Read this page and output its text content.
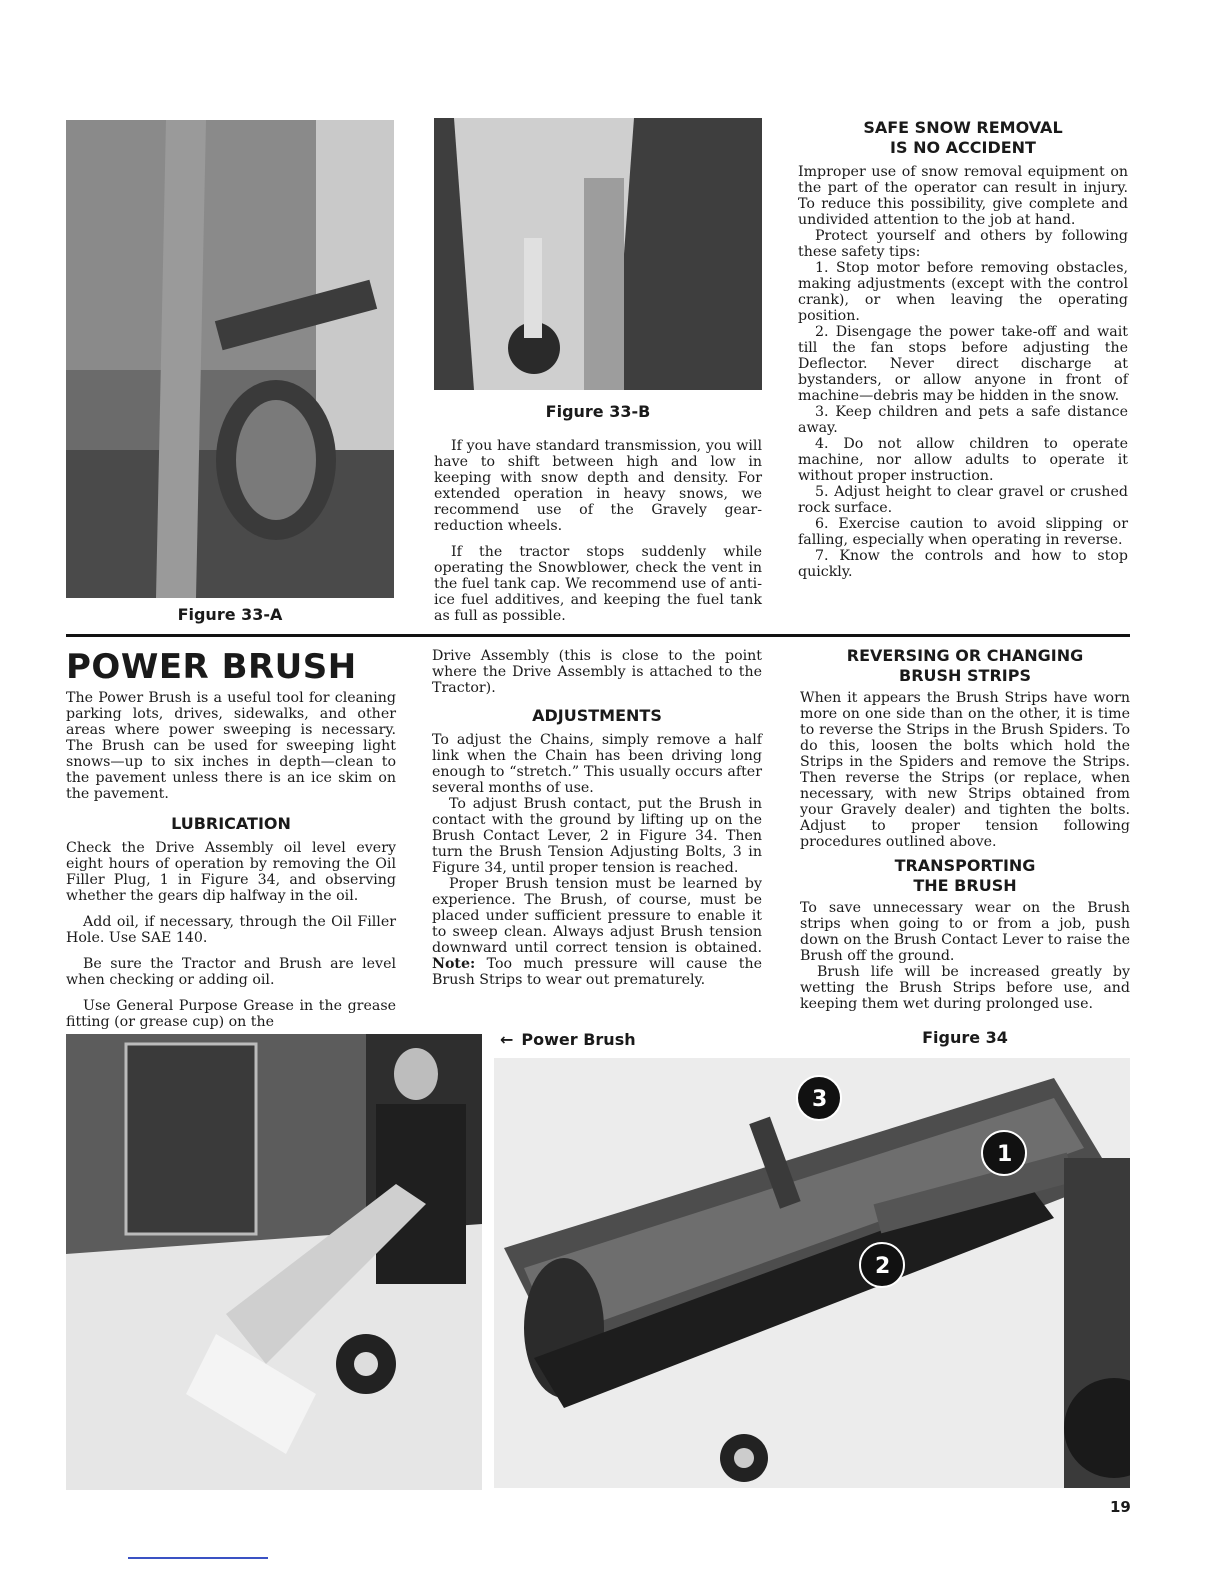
Figure 33-A
Figure 33-B

If you have standard transmission, you will have to shift between high and low in keeping with snow depth and density. For extended operation in heavy snows, we recommend use of the Gravely gear-reduction wheels.

If the tractor stops suddenly while operating the Snowblower, check the vent in the fuel tank cap. We recommend use of anti-ice fuel additives, and keeping the fuel tank as full as possible.

SAFE SNOW REMOVAL
IS NO ACCIDENT

Improper use of snow removal equipment on the part of the operator can result in injury. To reduce this possibility, give complete and undivided attention to the job at hand.

Protect yourself and others by following these safety tips:

1. Stop motor before removing obstacles, making adjustments (except with the control crank), or when leaving the operating position.

2. Disengage the power take-off and wait till the fan stops before adjusting the Deflector. Never direct discharge at bystanders, or allow anyone in front of machine—debris may be hidden in the snow.

3. Keep children and pets a safe distance away.

4. Do not allow children to operate machine, nor allow adults to operate it without proper instruction.

5. Adjust height to clear gravel or crushed rock surface.

6. Exercise caution to avoid slipping or falling, especially when operating in reverse.

7. Know the controls and how to stop quickly.

POWER BRUSH

The Power Brush is a useful tool for cleaning parking lots, drives, sidewalks, and other areas where power sweeping is necessary. The Brush can be used for sweeping light snows—up to six inches in depth—clean to the pavement unless there is an ice skim on the pavement.

LUBRICATION

Check the Drive Assembly oil level every eight hours of operation by removing the Oil Filler Plug, 1 in Figure 34, and observing whether the gears dip halfway in the oil.

Add oil, if necessary, through the Oil Filler Hole. Use SAE 140.

Be sure the Tractor and Brush are level when checking or adding oil.

Use General Purpose Grease in the grease fitting (or grease cup) on the

Drive Assembly (this is close to the point where the Drive Assembly is attached to the Tractor).

ADJUSTMENTS

To adjust the Chains, simply remove a half link when the Chain has been driving long enough to “stretch.” This usually occurs after several months of use.

To adjust Brush contact, put the Brush in contact with the ground by lifting up on the Brush Contact Lever, 2 in Figure 34. Then turn the Brush Tension Adjusting Bolts, 3 in Figure 34, until proper tension is reached.

Proper Brush tension must be learned by experience. The Brush, of course, must be placed under sufficient pressure to enable it to sweep clean. Always adjust Brush tension downward until correct tension is obtained. Note: Too much pressure will cause the Brush Strips to wear out prematurely.

REVERSING OR CHANGING
BRUSH STRIPS

When it appears the Brush Strips have worn more on one side than on the other, it is time to reverse the Strips in the Brush Spiders. To do this, loosen the bolts which hold the Strips in the Spiders and remove the Strips. Then reverse the Strips (or replace, when necessary, with new Strips obtained from your Gravely dealer) and tighten the bolts. Adjust to proper tension following procedures outlined above.

TRANSPORTING
THE BRUSH

To save unnecessary wear on the Brush strips when going to or from a job, push down on the Brush Contact Lever to raise the Brush off the ground.

Brush life will be increased greatly by wetting the Brush Strips before use, and keeping them wet during prolonged use.

← Power Brush	Figure 34
3
1
2
19
